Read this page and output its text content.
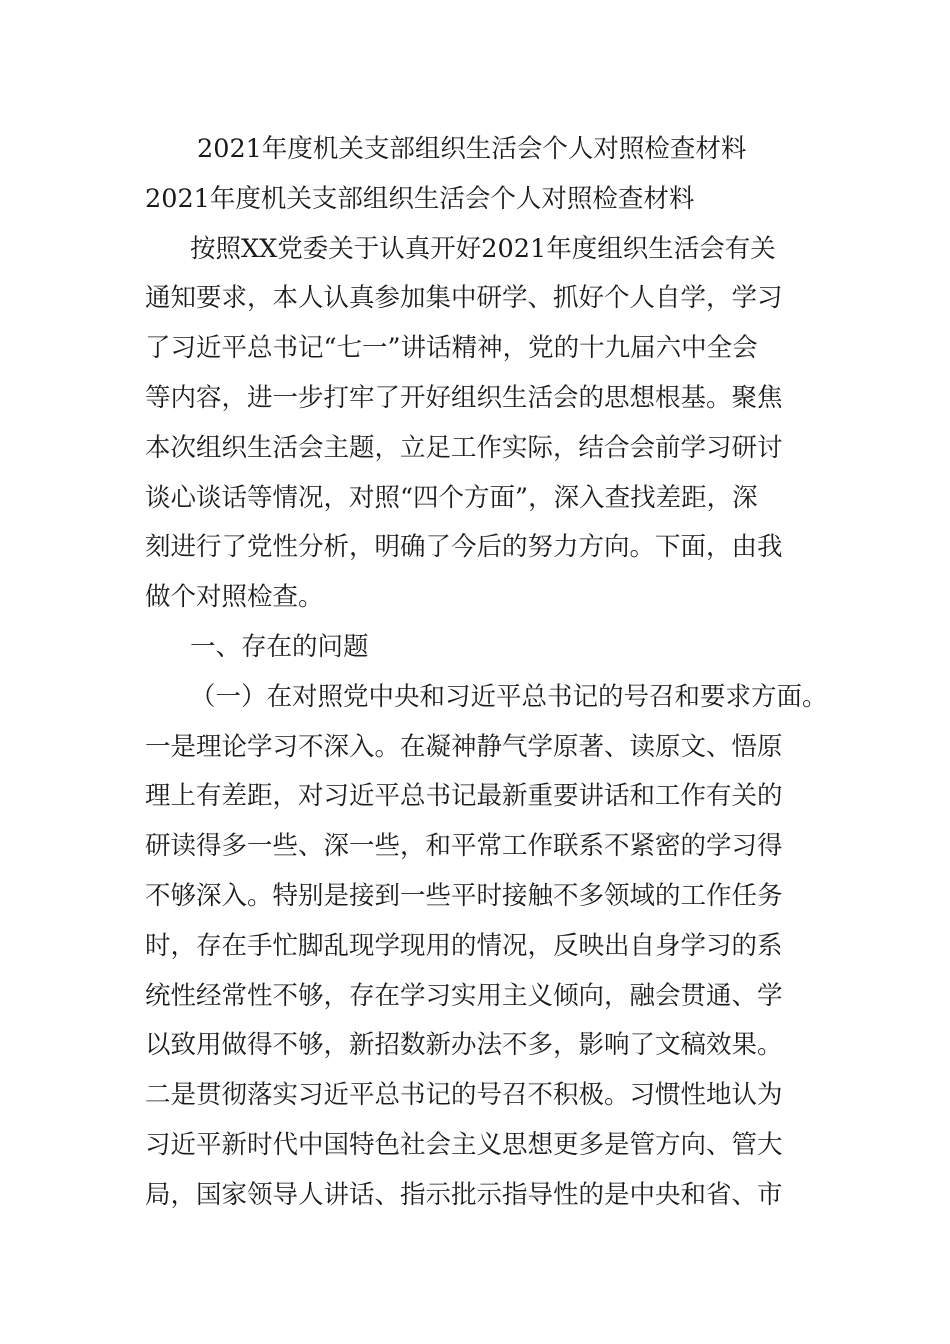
2021年度机关支部组织生活会个人对照检查材料
2021年度机关支部组织生活会个人对照检查材料
按照XX党委关于认真开好2021年度组织生活会有关
通知要求，本人认真参加集中研学、抓好个人自学，学习
了习近平总书记“七一”讲话精神，党的十九届六中全会
等内容，进一步打牢了开好组织生活会的思想根基。聚焦
本次组织生活会主题，立足工作实际，结合会前学习研讨
谈心谈话等情况，对照“四个方面”，深入查找差距，深
刻进行了党性分析，明确了今后的努力方向。下面，由我
做个对照检查。
一、存在的问题
（一）在对照党中央和习近平总书记的号召和要求方面。
一是理论学习不深入。在凝神静气学原著、读原文、悟原
理上有差距，对习近平总书记最新重要讲话和工作有关的
研读得多一些、深一些，和平常工作联系不紧密的学习得
不够深入。特别是接到一些平时接触不多领域的工作任务
时，存在手忙脚乱现学现用的情况，反映出自身学习的系
统性经常性不够，存在学习实用主义倾向，融会贯通、学
以致用做得不够，新招数新办法不多，影响了文稿效果。
二是贯彻落实习近平总书记的号召不积极。习惯性地认为
习近平新时代中国特色社会主义思想更多是管方向、管大
局，国家领导人讲话、指示批示指导性的是中央和省、市
